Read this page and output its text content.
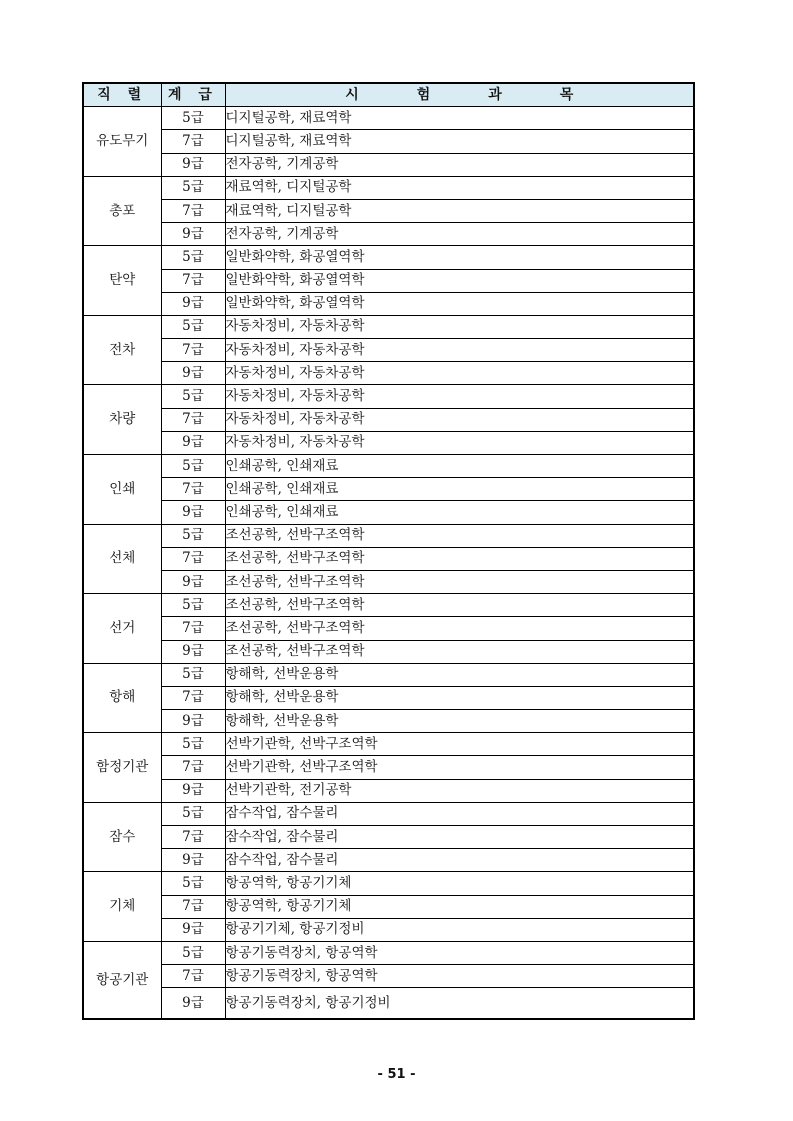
직 렬	계 급	시험과목
유도무기	5급	디지털공학, 재료역학
	7급	디지털공학, 재료역학
	9급	전자공학, 기계공학
총포	5급	재료역학, 디지털공학
	7급	재료역학, 디지털공학
	9급	전자공학, 기계공학
탄약	5급	일반화약학, 화공열역학
	7급	일반화약학, 화공열역학
	9급	일반화약학, 화공열역학
전차	5급	자동차정비, 자동차공학
	7급	자동차정비, 자동차공학
	9급	자동차정비, 자동차공학
차량	5급	자동차정비, 자동차공학
	7급	자동차정비, 자동차공학
	9급	자동차정비, 자동차공학
인쇄	5급	인쇄공학, 인쇄재료
	7급	인쇄공학, 인쇄재료
	9급	인쇄공학, 인쇄재료
선체	5급	조선공학, 선박구조역학
	7급	조선공학, 선박구조역학
	9급	조선공학, 선박구조역학
선거	5급	조선공학, 선박구조역학
	7급	조선공학, 선박구조역학
	9급	조선공학, 선박구조역학
항해	5급	항해학, 선박운용학
	7급	항해학, 선박운용학
	9급	항해학, 선박운용학
함정기관	5급	선박기관학, 선박구조역학
	7급	선박기관학, 선박구조역학
	9급	선박기관학, 전기공학
잠수	5급	잠수작업, 잠수물리
	7급	잠수작업, 잠수물리
	9급	잠수작업, 잠수물리
기체	5급	항공역학, 항공기기체
	7급	항공역학, 항공기기체
	9급	항공기기체, 항공기정비
항공기관	5급	항공기동력장치, 항공역학
	7급	항공기동력장치, 항공역학
	9급	항공기동력장치, 항공기정비
- 51 -
